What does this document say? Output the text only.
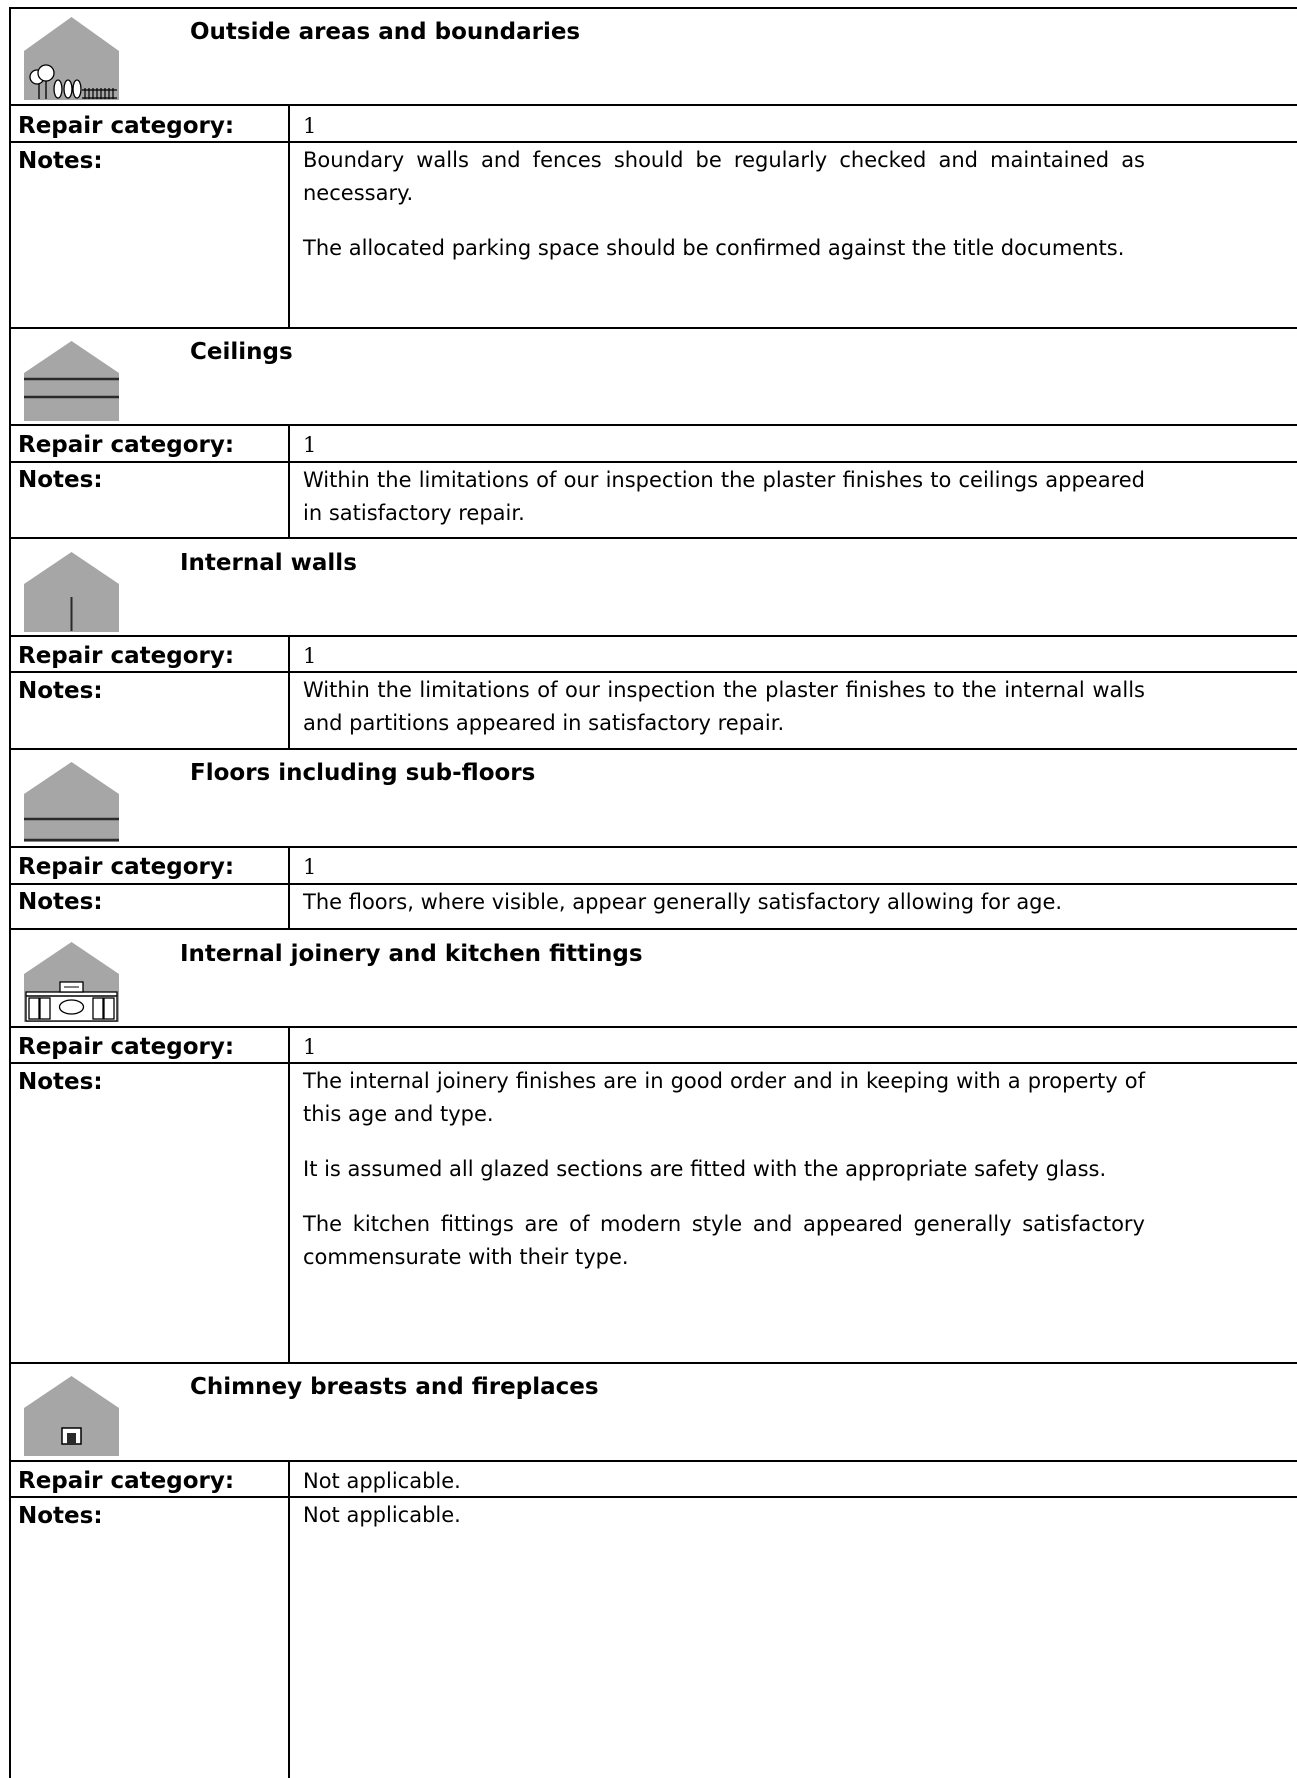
Outside areas and boundaries
Repair category:	1
Notes:	Boundary walls and fences should be regularly checked and maintained as necessary.

The allocated parking space should be confirmed against the title documents.

Ceilings
Repair category:	1
Notes:	Within the limitations of our inspection the plaster finishes to ceilings appeared in satisfactory repair.

Internal walls
Repair category:	1
Notes:	Within the limitations of our inspection the plaster finishes to the internal walls and partitions appeared in satisfactory repair.

Floors including sub-floors
Repair category:	1
Notes:	The floors, where visible, appear generally satisfactory allowing for age.

Internal joinery and kitchen fittings
Repair category:	1
Notes:	The internal joinery finishes are in good order and in keeping with a property of this age and type.

It is assumed all glazed sections are fitted with the appropriate safety glass.

The kitchen fittings are of modern style and appeared generally satisfactory commensurate with their type.

Chimney breasts and fireplaces
Repair category:	Not applicable.
Notes:	Not applicable.
